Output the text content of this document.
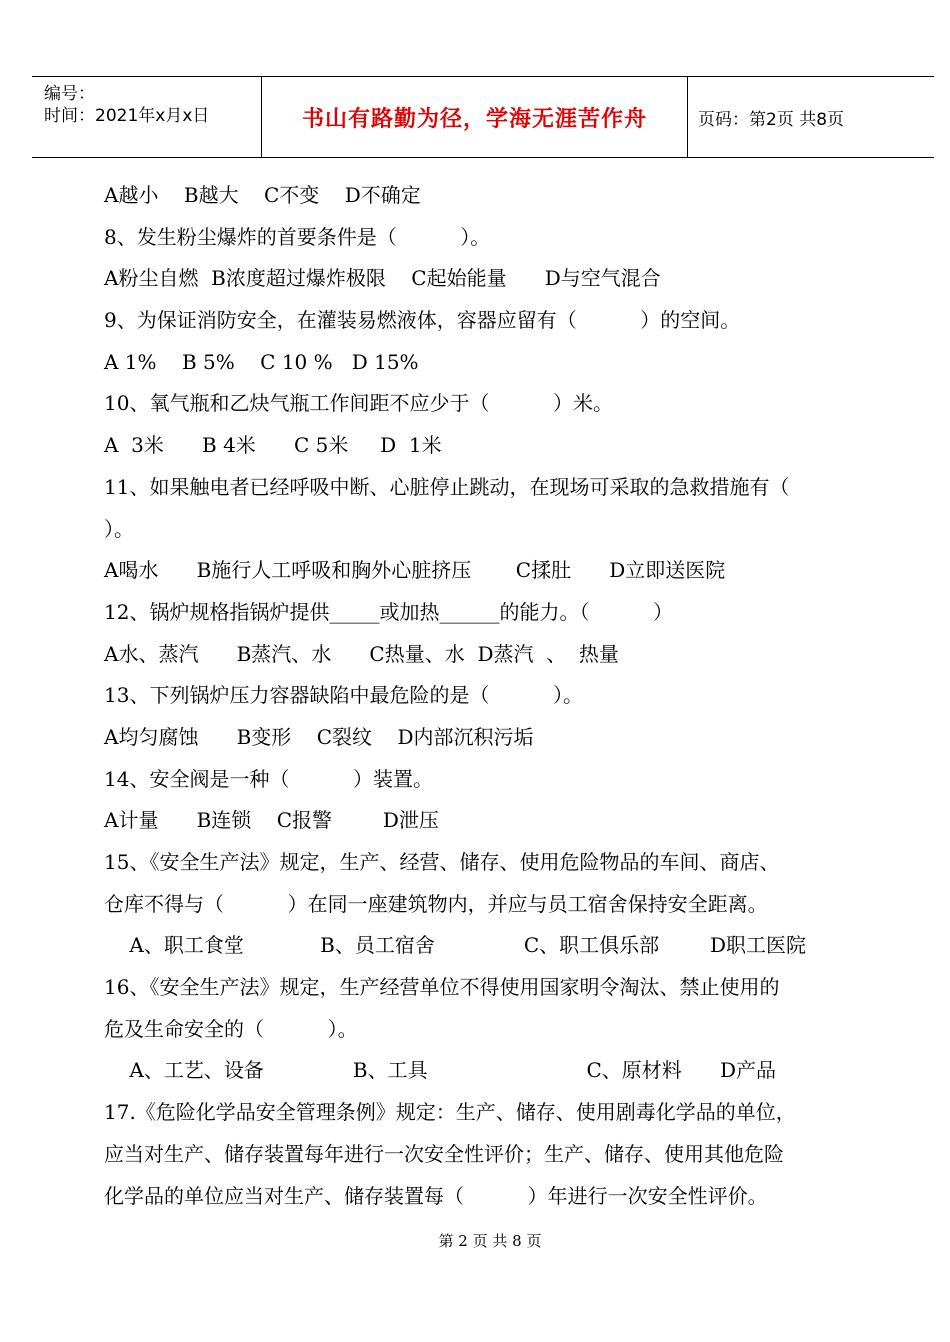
编号：
时间：2021年x月x日	书山有路勤为径，学海无涯苦作舟	页码：第2页 共8页
A越小    B越大    C不变    D不确定
8、发生粉尘爆炸的首要条件是（          ）。
A粉尘自燃  B浓度超过爆炸极限    C起始能量      D与空气混合
9、为保证消防安全，在灌装易燃液体，容器应留有（          ）的空间。
A 1%    B 5%    C 10 %   D 15%
10、氧气瓶和乙炔气瓶工作间距不应少于（          ）米。
A  3米      B 4米      C 5米     D  1米
11、如果触电者已经呼吸中断、心脏停止跳动，在现场可采取的急救措施有（
）。
A喝水      B施行人工呼吸和胸外心脏挤压       C揉肚      D立即送医院
12、锅炉规格指锅炉提供_____或加热______的能力。（          ）
A水、蒸汽      B蒸汽、水      C热量、水  D蒸汽  、  热量
13、下列锅炉压力容器缺陷中最危险的是（          ）。
A均匀腐蚀      B变形    C裂纹    D内部沉积污垢
14、安全阀是一种（          ）装置。
A计量      B连锁    C报警        D泄压
15、《安全生产法》规定，生产、经营、储存、使用危险物品的车间、商店、
仓库不得与（          ）在同一座建筑物内，并应与员工宿舍保持安全距离。
A、职工食堂            B、员工宿舍              C、职工俱乐部        D职工医院
16、《安全生产法》规定，生产经营单位不得使用国家明令淘汰、禁止使用的
危及生命安全的（          ）。
A、工艺、设备              B、工具                         C、原材料      D产品
17.《危险化学品安全管理条例》规定：生产、储存、使用剧毒化学品的单位，
应当对生产、储存装置每年进行一次安全性评价；生产、储存、使用其他危险
化学品的单位应当对生产、储存装置每（          ）年进行一次安全性评价。
第 2 页 共 8 页
